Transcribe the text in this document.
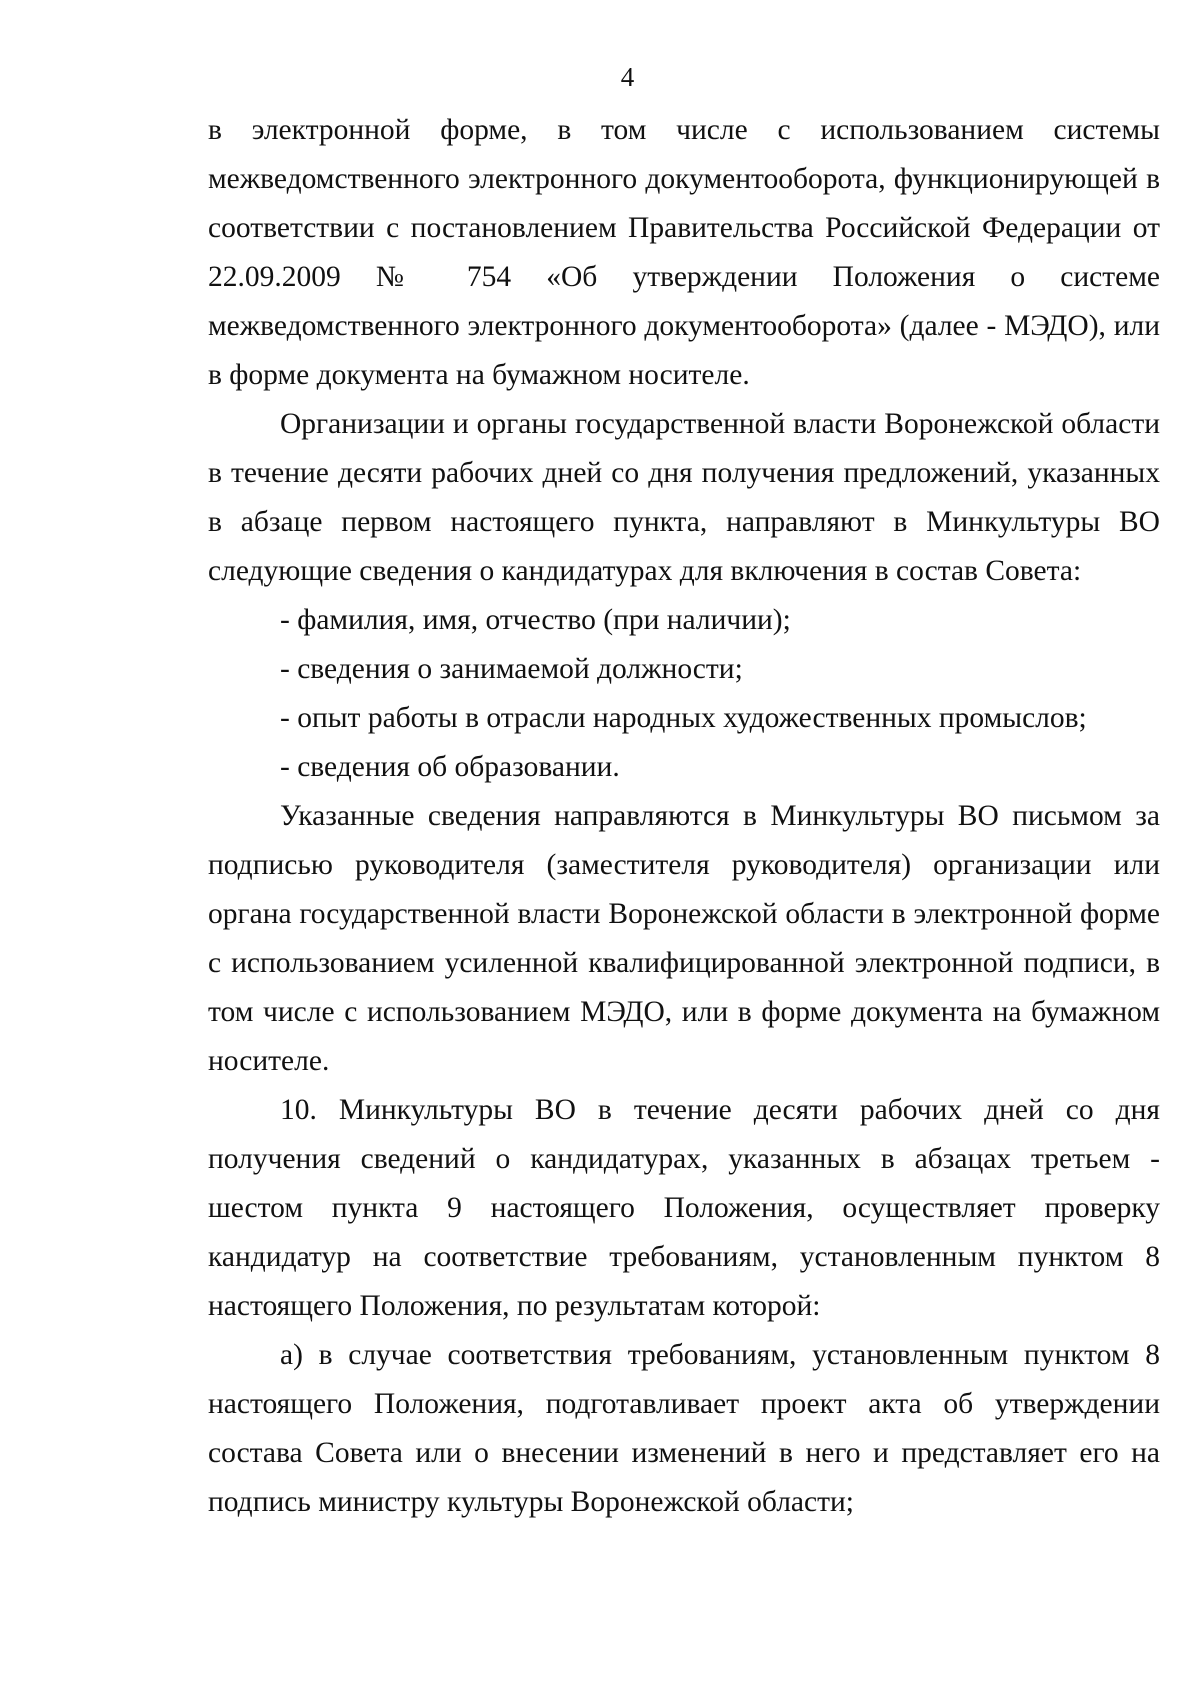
4

в электронной форме, в том числе с использованием системы межведомственного электронного документооборота, функционирующей в соответствии с постановлением Правительства Российской Федерации от 22.09.2009 № 754 «Об утверждении Положения о системе межведомственного электронного документооборота» (далее - МЭДО), или в форме документа на бумажном носителе.

Организации и органы государственной власти Воронежской области в течение десяти рабочих дней со дня получения предложений, указанных в абзаце первом настоящего пункта, направляют в Минкультуры ВО следующие сведения о кандидатурах для включения в состав Совета:

- фамилия, имя, отчество (при наличии);

- сведения о занимаемой должности;

- опыт работы в отрасли народных художественных промыслов;

- сведения об образовании.

Указанные сведения направляются в Минкультуры ВО письмом за подписью руководителя (заместителя руководителя) организации или органа государственной власти Воронежской области в электронной форме с использованием усиленной квалифицированной электронной подписи, в том числе с использованием МЭДО, или в форме документа на бумажном носителе.

10. Минкультуры ВО в течение десяти рабочих дней со дня получения сведений о кандидатурах, указанных в абзацах третьем - шестом пункта 9 настоящего Положения, осуществляет проверку кандидатур на соответствие требованиям, установленным пунктом 8 настоящего Положения, по результатам которой:

а) в случае соответствия требованиям, установленным пунктом 8 настоящего Положения, подготавливает проект акта об утверждении состава Совета или о внесении изменений в него и представляет его на подпись министру культуры Воронежской области;
